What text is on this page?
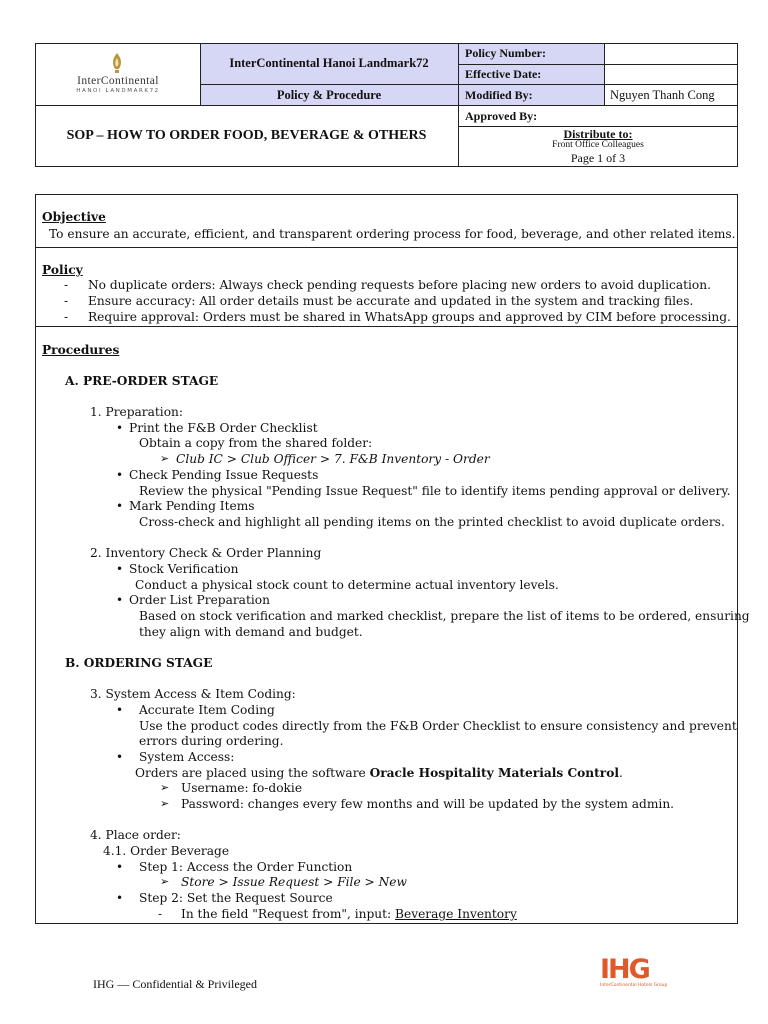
InterContinental
HANOI LANDMARK72
InterContinental Hanoi Landmark72
Policy & Procedure
SOP – HOW TO ORDER FOOD, BEVERAGE & OTHERS
Policy Number:
Effective Date:
Modified By:	Nguyen Thanh Cong
Approved By:
Distribute to:
Front Office Colleagues
Page 1 of 3
Objective
To ensure an accurate, efficient, and transparent ordering process for food, beverage, and other related items.
Policy
- No duplicate orders: Always check pending requests before placing new orders to avoid duplication.
- Ensure accuracy: All order details must be accurate and updated in the system and tracking files.
- Require approval: Orders must be shared in WhatsApp groups and approved by CIM before processing.
Procedures
A. PRE-ORDER STAGE
1. Preparation:
• Print the F&B Order Checklist
Obtain a copy from the shared folder:
➢ Club IC > Club Officer > 7. F&B Inventory - Order
• Check Pending Issue Requests
Review the physical "Pending Issue Request" file to identify items pending approval or delivery.
• Mark Pending Items
Cross-check and highlight all pending items on the printed checklist to avoid duplicate orders.
2. Inventory Check & Order Planning
• Stock Verification
Conduct a physical stock count to determine actual inventory levels.
• Order List Preparation
Based on stock verification and marked checklist, prepare the list of items to be ordered, ensuring
they align with demand and budget.
B. ORDERING STAGE
3. System Access & Item Coding:
• Accurate Item Coding
Use the product codes directly from the F&B Order Checklist to ensure consistency and prevent
errors during ordering.
• System Access:
Orders are placed using the software Oracle Hospitality Materials Control.
➢ Username: fo-dokie
➢ Password: changes every few months and will be updated by the system admin.
4. Place order:
4.1. Order Beverage
• Step 1: Access the Order Function
➢ Store > Issue Request > File > New
• Step 2: Set the Request Source
- In the field "Request from", input: Beverage Inventory
IHG — Confidential & Privileged	IHG
InterContinental Hotels Group
